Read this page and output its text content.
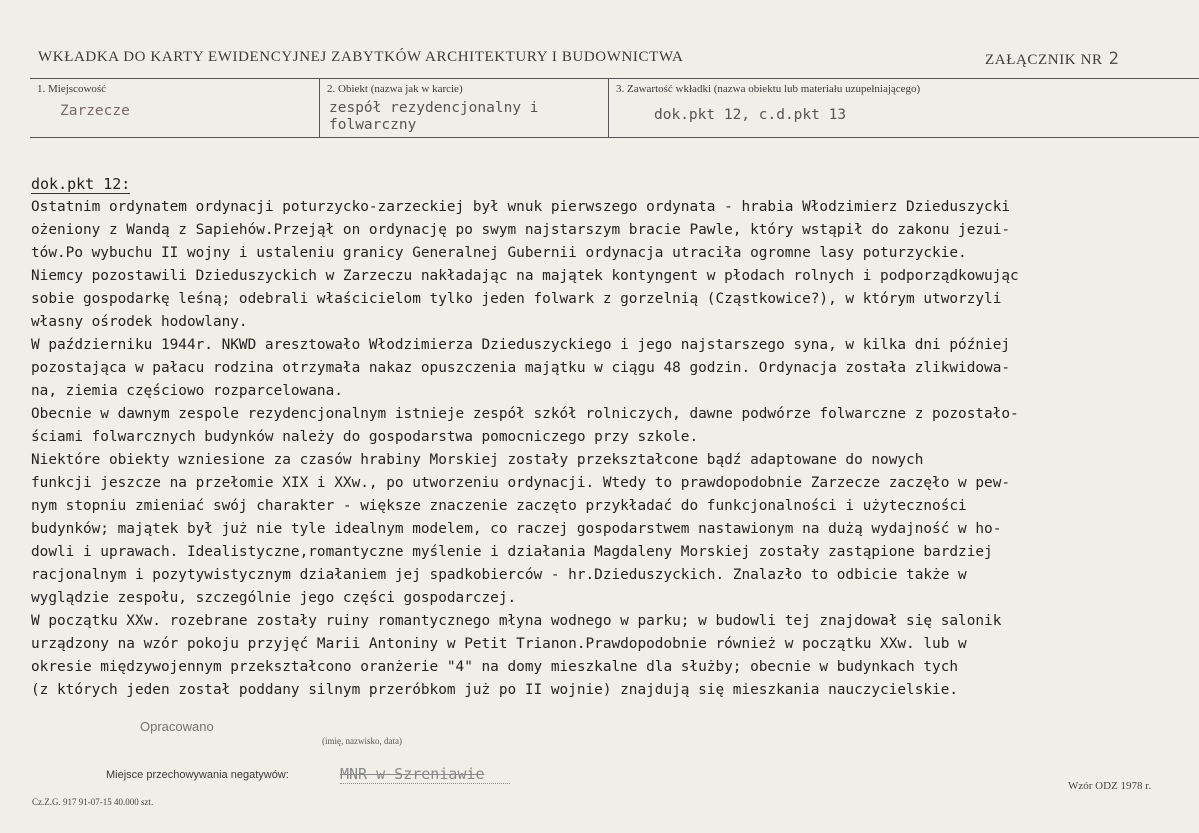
WKŁADKA DO KARTY EWIDENCYJNEJ ZABYTKÓW ARCHITEKTURY I BUDOWNICTWA	ZAŁĄCZNIK NR 2
1. Miejscowość
Zarzecze
2. Obiekt (nazwa jak w karcie)
zespół rezydencjonalny i
folwarczny
3. Zawartość wkładki (nazwa obiektu lub materiału uzupełniającego)
dok.pkt 12, c.d.pkt 13
dok.pkt 12:
Ostatnim ordynatem ordynacji poturzycko-zarzeckiej był wnuk pierwszego ordynata - hrabia Włodzimierz Dzieduszycki
ożeniony z Wandą z Sapiehów.Przejął on ordynację po swym najstarszym bracie Pawle, który wstąpił do zakonu jezui-
tów.Po wybuchu II wojny i ustaleniu granicy Generalnej Gubernii ordynacja utraciła ogromne lasy poturzyckie.
Niemcy pozostawili Dzieduszyckich w Zarzeczu nakładając na majątek kontyngent w płodach rolnych i podporządkowując
sobie gospodarkę leśną; odebrali właścicielom tylko jeden folwark z gorzelnią (Cząstkowice?), w którym utworzyli
własny ośrodek hodowlany.
W październiku 1944r. NKWD aresztowało Włodzimierza Dzieduszyckiego i jego najstarszego syna, w kilka dni później
pozostająca w pałacu rodzina otrzymała nakaz opuszczenia majątku w ciągu 48 godzin. Ordynacja została zlikwidowa-
na, ziemia częściowo rozparcelowana.
Obecnie w dawnym zespole rezydencjonalnym istnieje zespół szkół rolniczych, dawne podwórze folwarczne z pozostało-
ściami folwarcznych budynków należy do gospodarstwa pomocniczego przy szkole.
Niektóre obiekty wzniesione za czasów hrabiny Morskiej zostały przekształcone bądź adaptowane do nowych
funkcji jeszcze na przełomie XIX i XXw., po utworzeniu ordynacji. Wtedy to prawdopodobnie Zarzecze zaczęło w pew-
nym stopniu zmieniać swój charakter - większe znaczenie zaczęto przykładać do funkcjonalności i użyteczności
budynków; majątek był już nie tyle idealnym modelem, co raczej gospodarstwem nastawionym na dużą wydajność w ho-
dowli i uprawach. Idealistyczne,romantyczne myślenie i działania Magdaleny Morskiej zostały zastąpione bardziej
racjonalnym i pozytywistycznym działaniem jej spadkobierców - hr.Dzieduszyckich. Znalazło to odbicie także w
wyglądzie zespołu, szczególnie jego części gospodarczej.
W początku XXw. rozebrane zostały ruiny romantycznego młyna wodnego w parku; w budowli tej znajdował się salonik
urządzony na wzór pokoju przyjęć Marii Antoniny w Petit Trianon.Prawdopodobnie również w początku XXw. lub w
okresie międzywojennym przekształcono oranżerie "4" na domy mieszkalne dla służby; obecnie w budynkach tych
(z których jeden został poddany silnym przeróbkom już po II wojnie) znajdują się mieszkania nauczycielskie.
Opracowano
(imię, nazwisko, data)
Miejsce przechowywania negatywów:	MNR w Szreniawie
Cz.Z.G. 917 91-07-15 40.000 szt.
Wzór ODZ 1978 r.
